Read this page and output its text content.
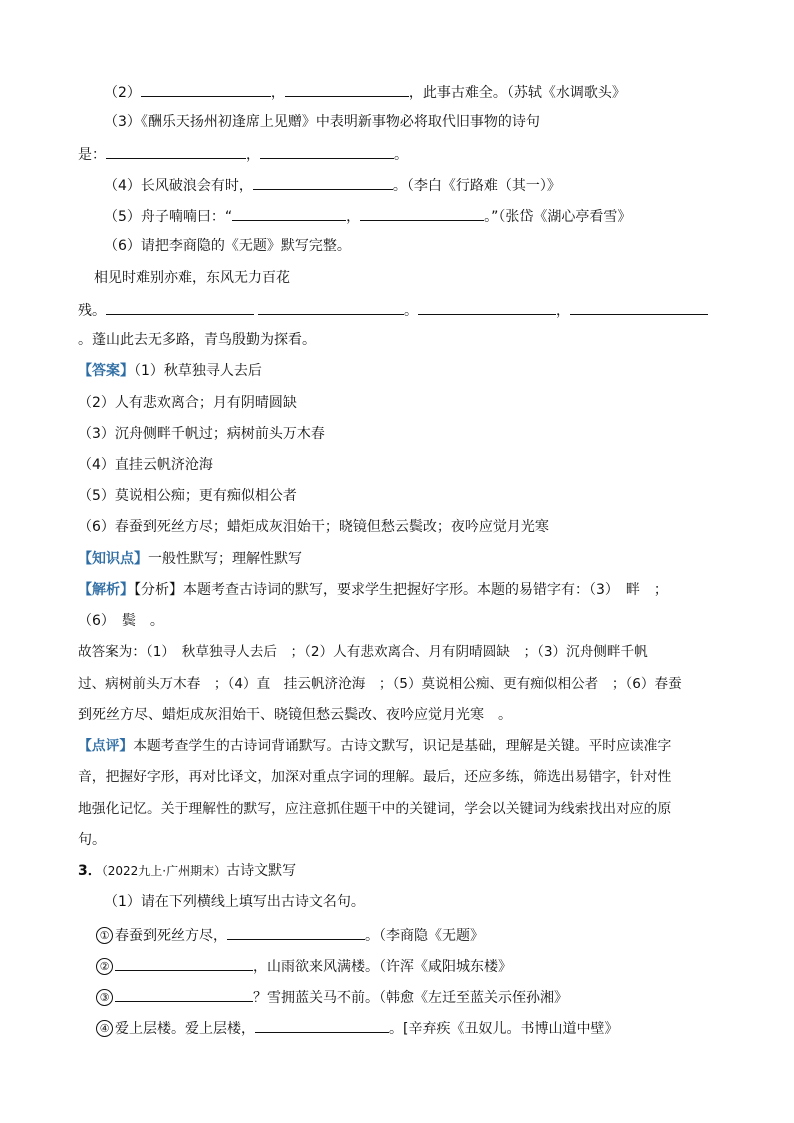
（2）	，	，此事古难全。（苏轼《水调歌头》
（3）《酬乐天扬州初逢席上见赠》中表明新事物必将取代旧事物的诗句
是：	，	。
（4）长风破浪会有时，	。（李白《行路难（其一）》
（5）舟子喃喃曰：“	，	。”（张岱《湖心亭看雪》
（6）请把李商隐的《无题》默写完整。
相见时难别亦难，东风无力百花
残。	。	，
。蓬山此去无多路，青鸟殷勤为探看。
【答案】（1）秋草独寻人去后
（2）人有悲欢离合；月有阴晴圆缺
（3）沉舟侧畔千帆过；病树前头万木春
（4）直挂云帆济沧海
（5）莫说相公痴；更有痴似相公者
（6）春蚕到死丝方尽；蜡炬成灰泪始干；晓镜但愁云鬓改；夜吟应觉月光寒
【知识点】一般性默写；理解性默写
【解析】【分析】本题考查古诗词的默写，要求学生把握好字形。本题的易错字有：（3）　畔　；
（6）　鬓　。
故答案为：（1）　秋草独寻人去后　；（2）人有悲欢离合、月有阴晴圆缺　；（3）沉舟侧畔千帆
过、病树前头万木春　；（4）直　挂云帆济沧海　；（5）莫说相公痴、更有痴似相公者　；（6）春蚕
到死丝方尽、蜡炬成灰泪始干、晓镜但愁云鬓改、夜吟应觉月光寒　。
【点评】本题考查学生的古诗词背诵默写。古诗文默写，识记是基础，理解是关键。平时应读准字
音，把握好字形，再对比译文，加深对重点字词的理解。最后，还应多练，筛选出易错字，针对性
地强化记忆。关于理解性的默写，应注意抓住题干中的关键词，学会以关键词为线索找出对应的原
句。
3．（2022九上·广州期末）古诗文默写
（1）请在下列横线上填写出古诗文名句。
① 春蚕到死丝方尽，	。（李商隐《无题》
②	，山雨欲来风满楼。（许浑《咸阳城东楼》
③	？雪拥蓝关马不前。（韩愈《左迁至蓝关示侄孙湘》
④ 爱上层楼。爱上层楼，	。[辛弃疾《丑奴儿。书博山道中壁》
